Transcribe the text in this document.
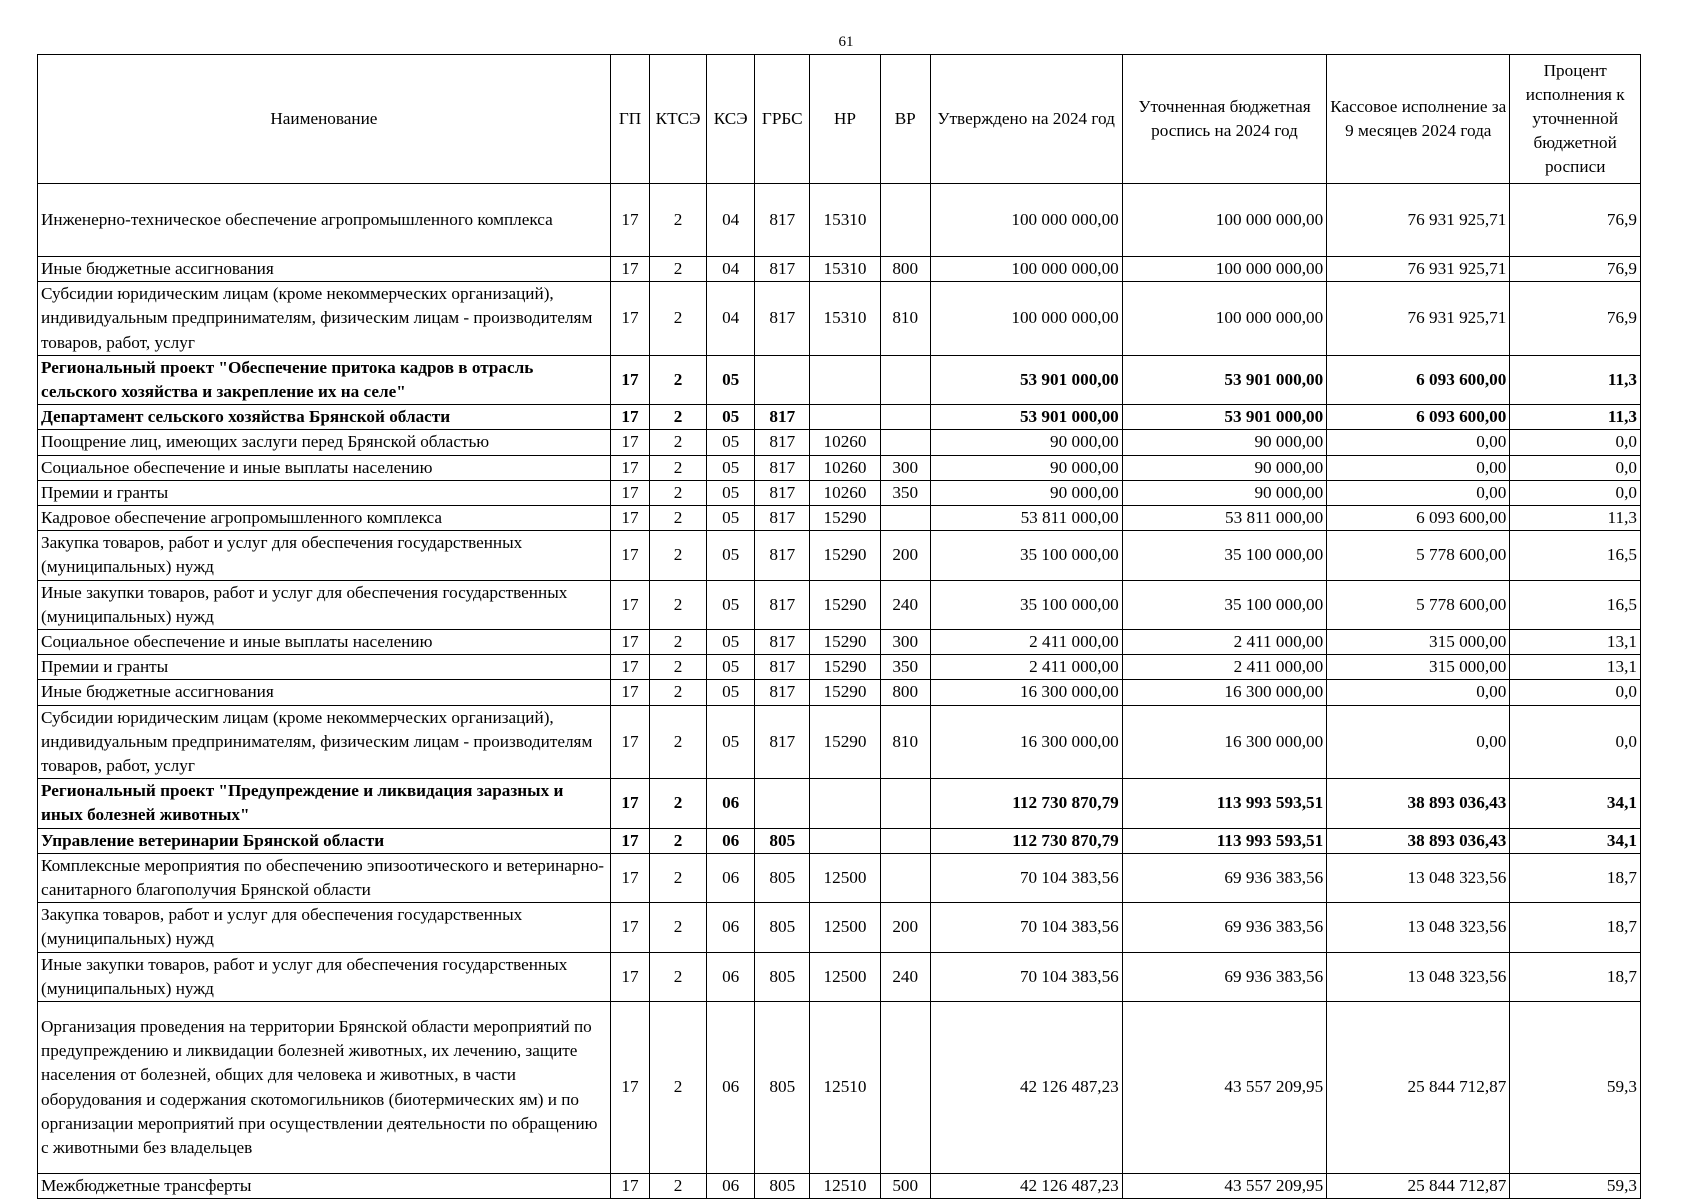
61
Наименование	ГП	КТСЭ	КСЭ	ГРБС	НР	ВР	Утверждено на 2024 год	Уточненная бюджетная роспись на 2024 год	Кассовое исполнение за 9 месяцев 2024 года	Процент исполнения к уточненной бюджетной росписи
Инженерно-техническое обеспечение агропромышленного комплекса	17	2	04	817	15310		100 000 000,00	100 000 000,00	76 931 925,71	76,9
Иные бюджетные ассигнования	17	2	04	817	15310	800	100 000 000,00	100 000 000,00	76 931 925,71	76,9
Субсидии юридическим лицам (кроме некоммерческих организаций), индивидуальным предпринимателям, физическим лицам - производителям товаров, работ, услуг	17	2	04	817	15310	810	100 000 000,00	100 000 000,00	76 931 925,71	76,9
Региональный проект "Обеспечение притока кадров в отрасль сельского хозяйства и закрепление их на селе"	17	2	05				53 901 000,00	53 901 000,00	6 093 600,00	11,3
Департамент сельского хозяйства Брянской области	17	2	05	817			53 901 000,00	53 901 000,00	6 093 600,00	11,3
Поощрение лиц, имеющих заслуги перед Брянской областью	17	2	05	817	10260		90 000,00	90 000,00	0,00	0,0
Социальное обеспечение и иные выплаты населению	17	2	05	817	10260	300	90 000,00	90 000,00	0,00	0,0
Премии и гранты	17	2	05	817	10260	350	90 000,00	90 000,00	0,00	0,0
Кадровое обеспечение агропромышленного комплекса	17	2	05	817	15290		53 811 000,00	53 811 000,00	6 093 600,00	11,3
Закупка товаров, работ и услуг для обеспечения государственных (муниципальных) нужд	17	2	05	817	15290	200	35 100 000,00	35 100 000,00	5 778 600,00	16,5
Иные закупки товаров, работ и услуг для обеспечения государственных (муниципальных) нужд	17	2	05	817	15290	240	35 100 000,00	35 100 000,00	5 778 600,00	16,5
Социальное обеспечение и иные выплаты населению	17	2	05	817	15290	300	2 411 000,00	2 411 000,00	315 000,00	13,1
Премии и гранты	17	2	05	817	15290	350	2 411 000,00	2 411 000,00	315 000,00	13,1
Иные бюджетные ассигнования	17	2	05	817	15290	800	16 300 000,00	16 300 000,00	0,00	0,0
Субсидии юридическим лицам (кроме некоммерческих организаций), индивидуальным предпринимателям, физическим лицам - производителям товаров, работ, услуг	17	2	05	817	15290	810	16 300 000,00	16 300 000,00	0,00	0,0
Региональный проект "Предупреждение и ликвидация заразных и иных болезней животных"	17	2	06				112 730 870,79	113 993 593,51	38 893 036,43	34,1
Управление ветеринарии Брянской области	17	2	06	805			112 730 870,79	113 993 593,51	38 893 036,43	34,1
Комплексные мероприятия по обеспечению эпизоотического и ветеринарно-санитарного благополучия Брянской области	17	2	06	805	12500		70 104 383,56	69 936 383,56	13 048 323,56	18,7
Закупка товаров, работ и услуг для обеспечения государственных (муниципальных) нужд	17	2	06	805	12500	200	70 104 383,56	69 936 383,56	13 048 323,56	18,7
Иные закупки товаров, работ и услуг для обеспечения государственных (муниципальных) нужд	17	2	06	805	12500	240	70 104 383,56	69 936 383,56	13 048 323,56	18,7
Организация проведения на территории Брянской области мероприятий по предупреждению и ликвидации болезней животных, их лечению, защите населения от болезней, общих для человека и животных, в части оборудования и содержания скотомогильников (биотермических ям) и по организации мероприятий при осуществлении деятельности по обращению с животными без владельцев	17	2	06	805	12510		42 126 487,23	43 557 209,95	25 844 712,87	59,3
Межбюджетные трансферты	17	2	06	805	12510	500	42 126 487,23	43 557 209,95	25 844 712,87	59,3
